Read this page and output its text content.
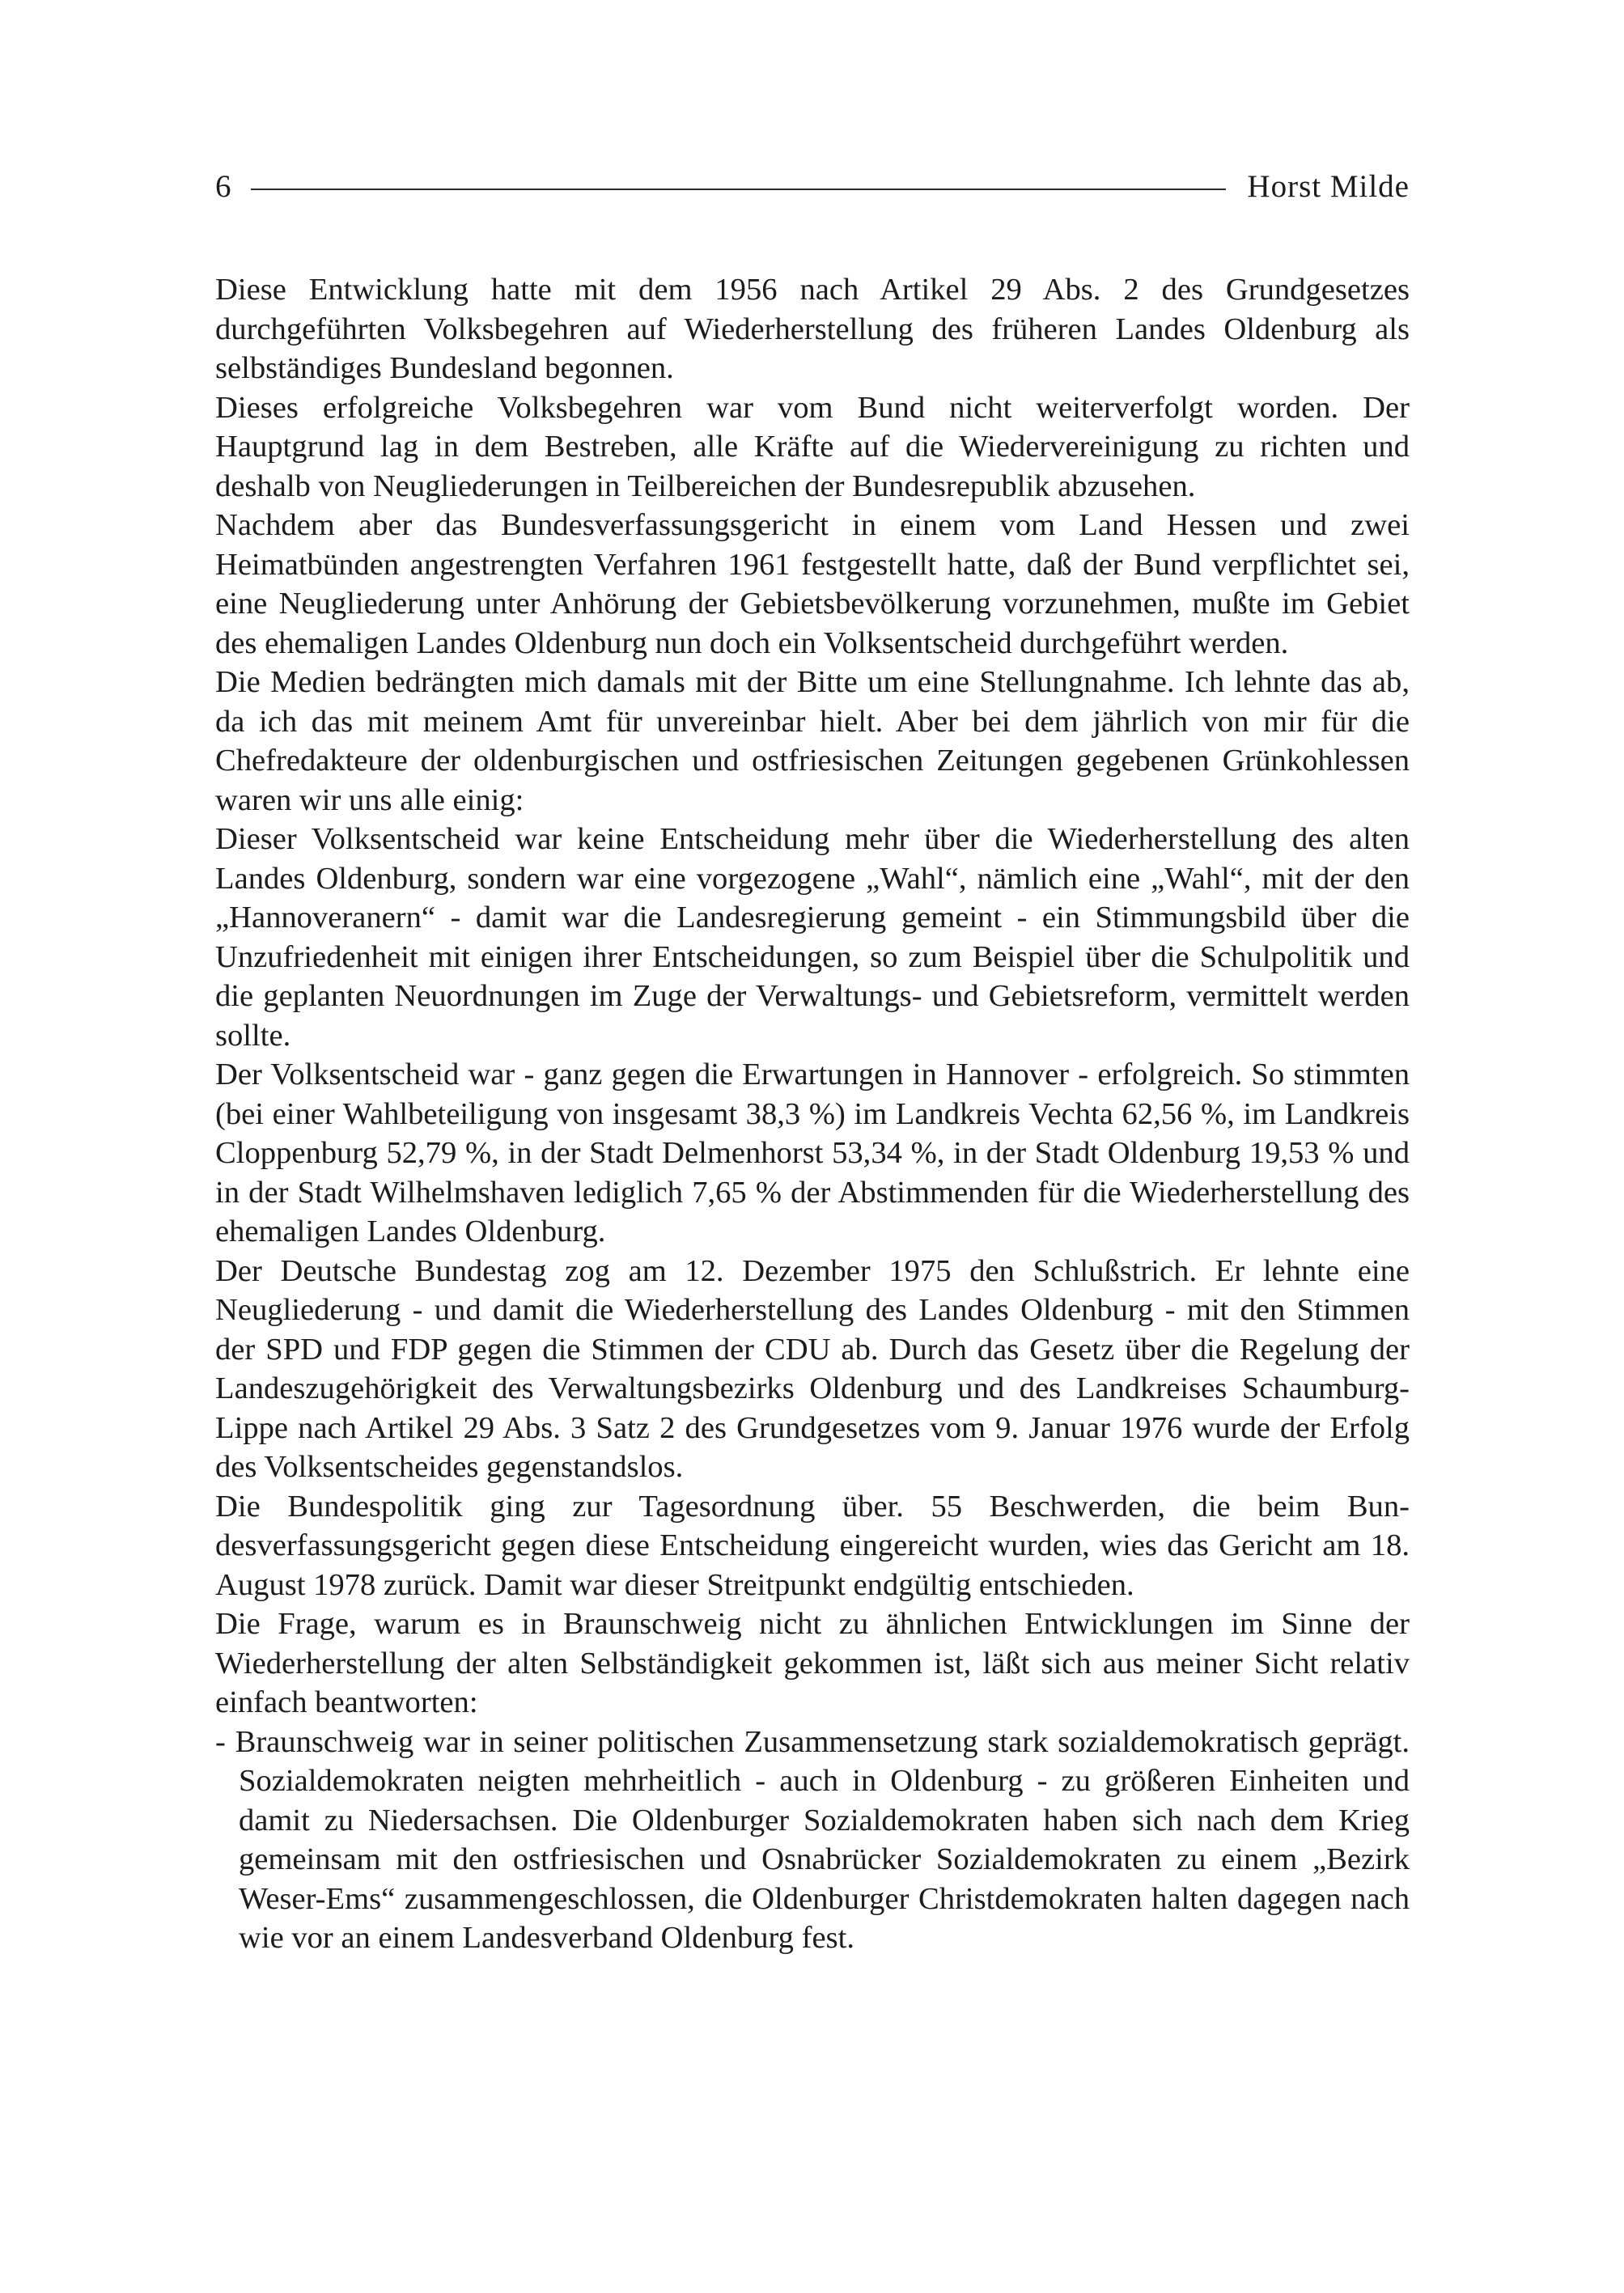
6	Horst Milde

Diese Entwicklung hatte mit dem 1956 nach Artikel 29 Abs. 2 des Grundgesetzes durchgeführten Volksbegehren auf Wiederherstellung des früheren Landes Oldenburg als selbständiges Bundesland begonnen.

Dieses erfolgreiche Volksbegehren war vom Bund nicht weiterverfolgt worden. Der Hauptgrund lag in dem Bestreben, alle Kräfte auf die Wiedervereinigung zu richten und deshalb von Neugliederungen in Teilbereichen der Bundesrepublik abzusehen.

Nachdem aber das Bundesverfassungsgericht in einem vom Land Hessen und zwei Heimatbünden angestrengten Verfahren 1961 festgestellt hatte, daß der Bund verpflichtet sei, eine Neugliederung unter Anhörung der Gebietsbevölkerung vorzunehmen, mußte im Gebiet des ehemaligen Landes Oldenburg nun doch ein Volksentscheid durchgeführt werden.

Die Medien bedrängten mich damals mit der Bitte um eine Stellungnahme. Ich lehnte das ab, da ich das mit meinem Amt für unvereinbar hielt. Aber bei dem jährlich von mir für die Chefredakteure der oldenburgischen und ostfriesischen Zeitungen gegebenen Grünkohlessen waren wir uns alle einig:

Dieser Volksentscheid war keine Entscheidung mehr über die Wiederherstellung des alten Landes Oldenburg, sondern war eine vorgezogene „Wahl“, nämlich eine „Wahl“, mit der den „Hannoveranern“ - damit war die Landesregierung gemeint - ein Stimmungsbild über die Unzufriedenheit mit einigen ihrer Entscheidungen, so zum Beispiel über die Schulpolitik und die geplanten Neuordnungen im Zuge der Verwaltungs- und Gebietsreform, vermittelt werden sollte.

Der Volksentscheid war - ganz gegen die Erwartungen in Hannover - erfolgreich. So stimmten (bei einer Wahlbeteiligung von insgesamt 38,3 %) im Landkreis Vechta 62,56 %, im Landkreis Cloppenburg 52,79 %, in der Stadt Delmenhorst 53,34 %, in der Stadt Oldenburg 19,53 % und in der Stadt Wilhelmshaven lediglich 7,65 % der Abstimmenden für die Wiederherstellung des ehemaligen Landes Oldenburg.

Der Deutsche Bundestag zog am 12. Dezember 1975 den Schlußstrich. Er lehnte eine Neugliederung - und damit die Wiederherstellung des Landes Oldenburg - mit den Stimmen der SPD und FDP gegen die Stimmen der CDU ab. Durch das Gesetz über die Regelung der Landeszugehörigkeit des Verwaltungsbezirks Oldenburg und des Landkreises Schaumburg-Lippe nach Artikel 29 Abs. 3 Satz 2 des Grundgesetzes vom 9. Januar 1976 wurde der Erfolg des Volksentscheides gegenstandslos.

Die Bundespolitik ging zur Tagesordnung über. 55 Beschwerden, die beim Bundesverfassungsgericht gegen diese Entscheidung eingereicht wurden, wies das Gericht am 18. August 1978 zurück. Damit war dieser Streitpunkt endgültig entschieden.

Die Frage, warum es in Braunschweig nicht zu ähnlichen Entwicklungen im Sinne der Wiederherstellung der alten Selbständigkeit gekommen ist, läßt sich aus meiner Sicht relativ einfach beantworten:

- Braunschweig war in seiner politischen Zusammensetzung stark sozialdemokratisch geprägt. Sozialdemokraten neigten mehrheitlich - auch in Oldenburg - zu größeren Einheiten und damit zu Niedersachsen. Die Oldenburger Sozialdemokraten haben sich nach dem Krieg gemeinsam mit den ostfriesischen und Osnabrücker Sozialdemokraten zu einem „Bezirk Weser-Ems“ zusammengeschlossen, die Oldenburger Christdemokraten halten dagegen nach wie vor an einem Landesverband Oldenburg fest.
